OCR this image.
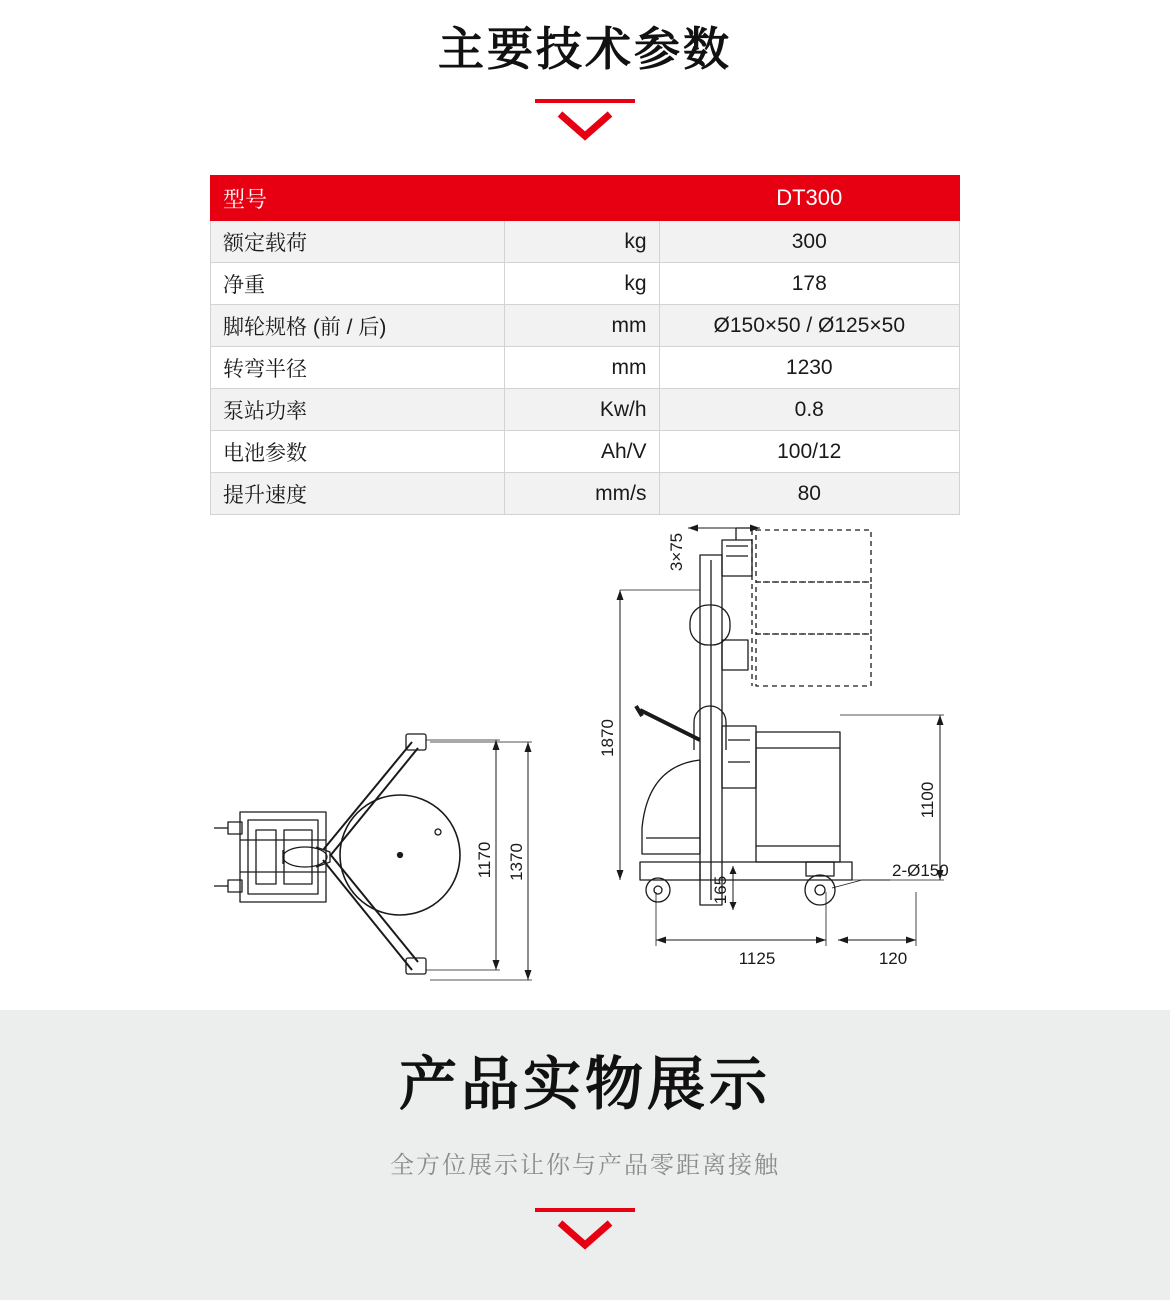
主要技术参数
型号		DT300
额定载荷	kg	300
净重	kg	178
脚轮规格 (前 / 后)	mm	Ø150×50 / Ø125×50
转弯半径	mm	1230
泵站功率	Kw/h	0.8
电池参数	Ah/V	100/12
提升速度	mm/s	80
1170 1370
3×75
1870
1100
165
1125	120
2-Ø150
产品实物展示
全方位展示让你与产品零距离接触
